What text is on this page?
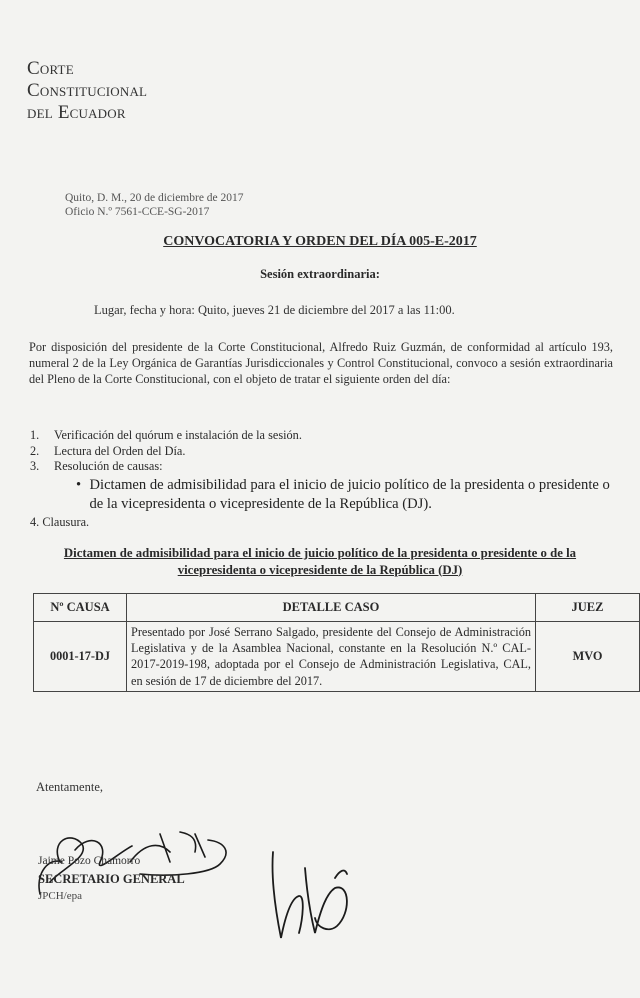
Corte
Constitucional
del Ecuador
Quito, D. M., 20 de diciembre de 2017
Oficio N.º 7561-CCE-SG-2017
CONVOCATORIA Y ORDEN DEL DÍA 005-E-2017
Sesión extraordinaria:
Lugar, fecha y hora: Quito, jueves 21 de diciembre del 2017 a las 11:00.
Por disposición del presidente de la Corte Constitucional, Alfredo Ruiz Guzmán, de conformidad al artículo 193, numeral 2 de la Ley Orgánica de Garantías Jurisdiccionales y Control Constitucional, convoco a sesión extraordinaria del Pleno de la Corte Constitucional, con el objeto de tratar el siguiente orden del día:
1.	Verificación del quórum e instalación de la sesión.
2.	Lectura del Orden del Día.
3.	Resolución de causas:
• Dictamen de admisibilidad para el inicio de juicio político de la presidenta o presidente o de la vicepresidenta o vicepresidente de la República (DJ).
4.
Clausura.
Dictamen de admisibilidad para el inicio de juicio político de la presidenta o presidente o de la vicepresidenta o vicepresidente de la República (DJ)
Nº CAUSA	DETALLE CASO	JUEZ
0001-17-DJ	Presentado por José Serrano Salgado, presidente del Consejo de Administración Legislativa y de la Asamblea Nacional, constante en la Resolución N.º CAL-2017-2019-198, adoptada por el Consejo de Administración Legislativa, CAL, en sesión de 17 de diciembre del 2017.	MVO
Atentamente,
Jaime Pozo Chamorro
SECRETARIO GENERAL
JPCH/epa
